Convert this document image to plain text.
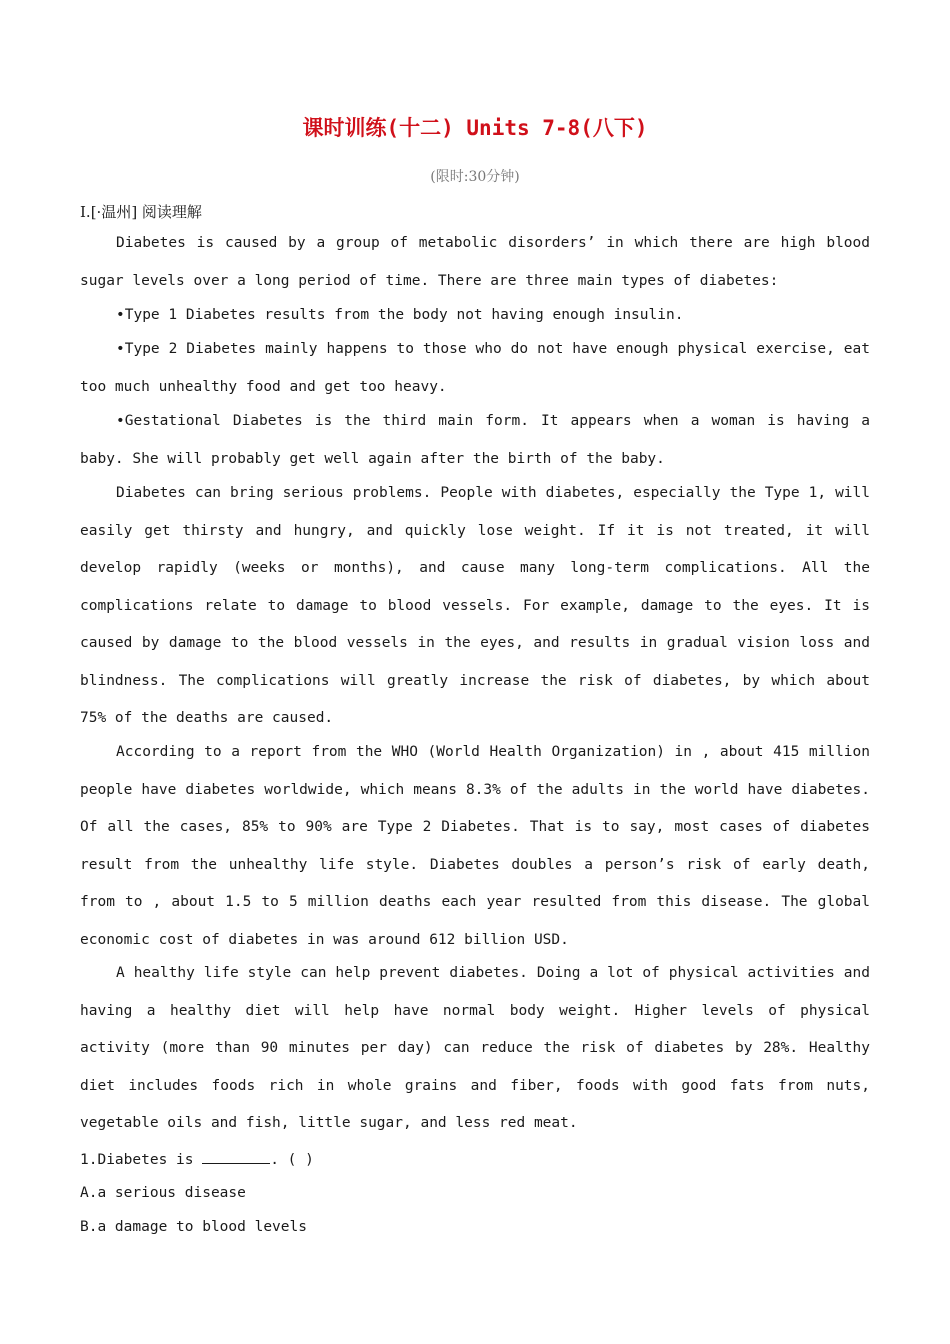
课时训练(十二) Units 7-8(八下)
(限时:30分钟)
Ⅰ.[·温州] 阅读理解

Diabetes is caused by a group of metabolic disorders’ in which there are high blood sugar levels over a long period of time. There are three main types of diabetes:

•Type 1 Diabetes results from the body not having enough insulin.

•Type 2 Diabetes mainly happens to those who do not have enough physical exercise, eat too much unhealthy food and get too heavy.

•Gestational Diabetes is the third main form. It appears when a woman is having a baby. She will probably get well again after the birth of the baby.

Diabetes can bring serious problems. People with diabetes, especially the Type 1, will easily get thirsty and hungry, and quickly lose weight. If it is not treated, it will develop rapidly (weeks or months), and cause many long-term complications. All the complications relate to damage to blood vessels. For example, damage to the eyes. It is caused by damage to the blood vessels in the eyes, and results in gradual vision loss and blindness. The complications will greatly increase the risk of diabetes, by which about 75% of the deaths are caused.

According to a report from the WHO (World Health Organization) in , about 415 million people have diabetes worldwide, which means 8.3% of the adults in the world have diabetes. Of all the cases, 85% to 90% are Type 2 Diabetes. That is to say, most cases of diabetes result from the unhealthy life style. Diabetes doubles a person’s risk of early death, from to , about 1.5 to 5 million deaths each year resulted from this disease. The global economic cost of diabetes in was around 612 billion USD.

A healthy life style can help prevent diabetes. Doing a lot of physical activities and having a healthy diet will help have normal body weight. Higher levels of physical activity (more than 90 minutes per day) can reduce the risk of diabetes by 28%. Healthy diet includes foods rich in whole grains and fiber, foods with good fats from nuts, vegetable oils and fish, little sugar, and less red meat.

1.Diabetes is	. ( )
A.a serious disease
B.a damage to blood levels
